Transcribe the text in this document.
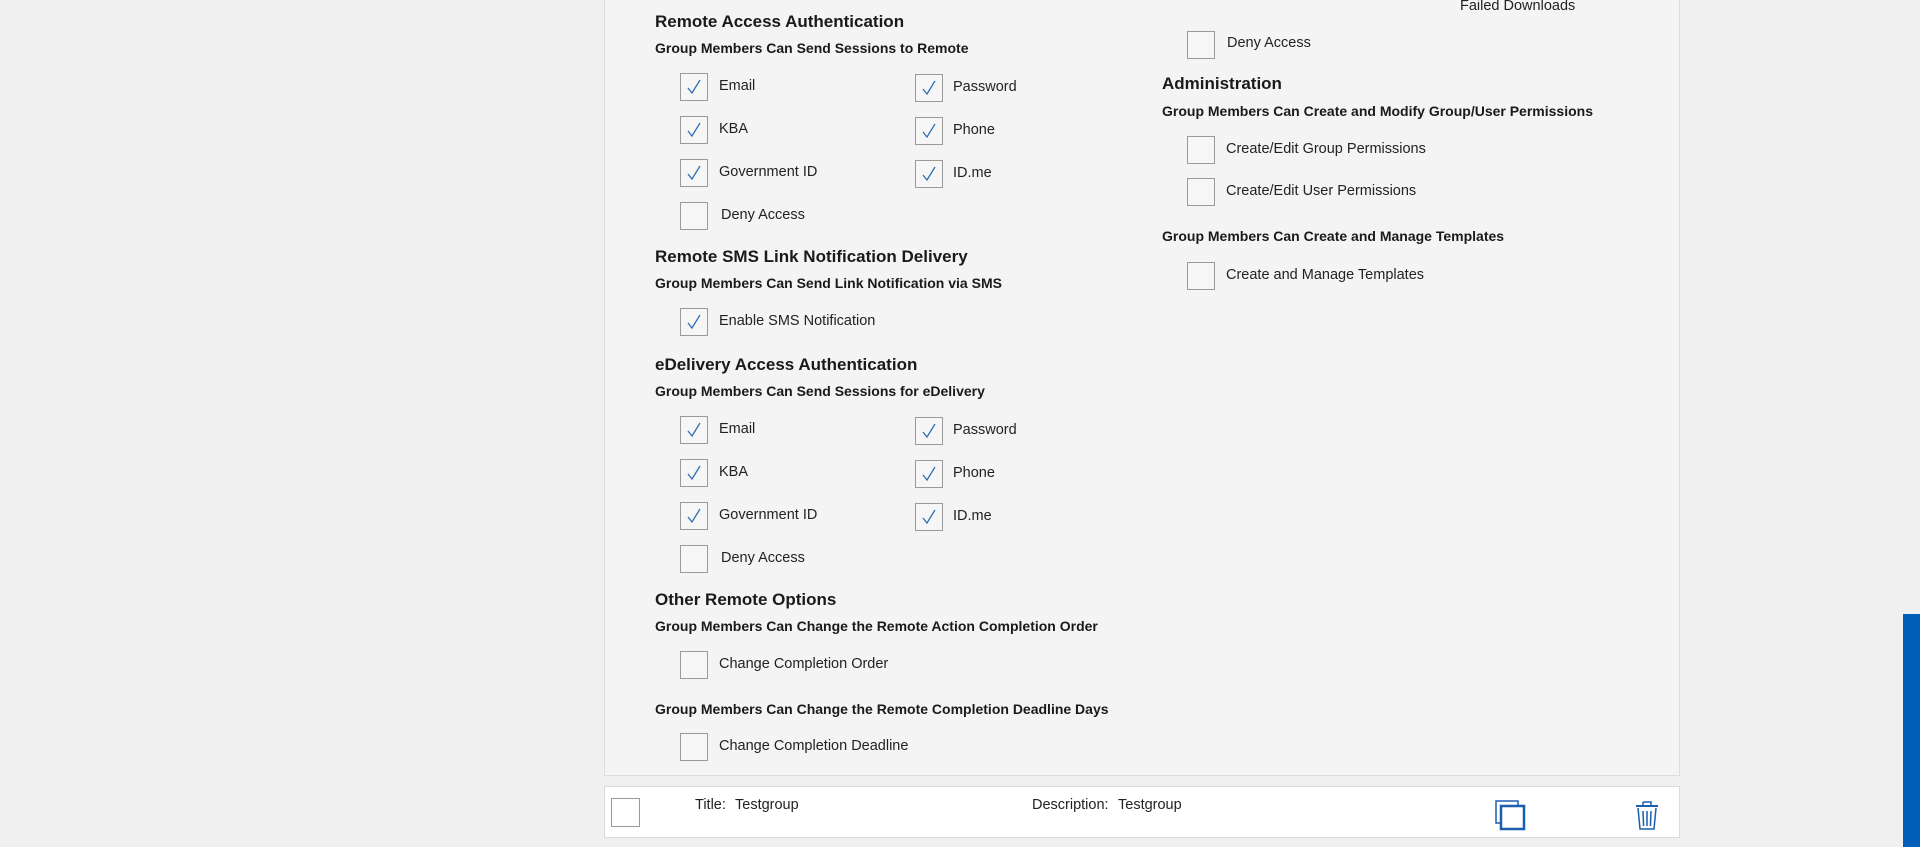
Failed Downloads
Deny Access
Remote Access Authentication
Group Members Can Send Sessions to Remote
Email	Password
KBA	Phone
Government ID	ID.me
Deny Access
Remote SMS Link Notification Delivery
Group Members Can Send Link Notification via SMS
Enable SMS Notification
eDelivery Access Authentication
Group Members Can Send Sessions for eDelivery
Email	Password
KBA	Phone
Government ID	ID.me
Deny Access
Other Remote Options
Group Members Can Change the Remote Action Completion Order
Change Completion Order
Group Members Can Change the Remote Completion Deadline Days
Change Completion Deadline
Administration
Group Members Can Create and Modify Group/User Permissions
Create/Edit Group Permissions
Create/Edit User Permissions
Group Members Can Create and Manage Templates
Create and Manage Templates
Title: Testgroup	Description: Testgroup
